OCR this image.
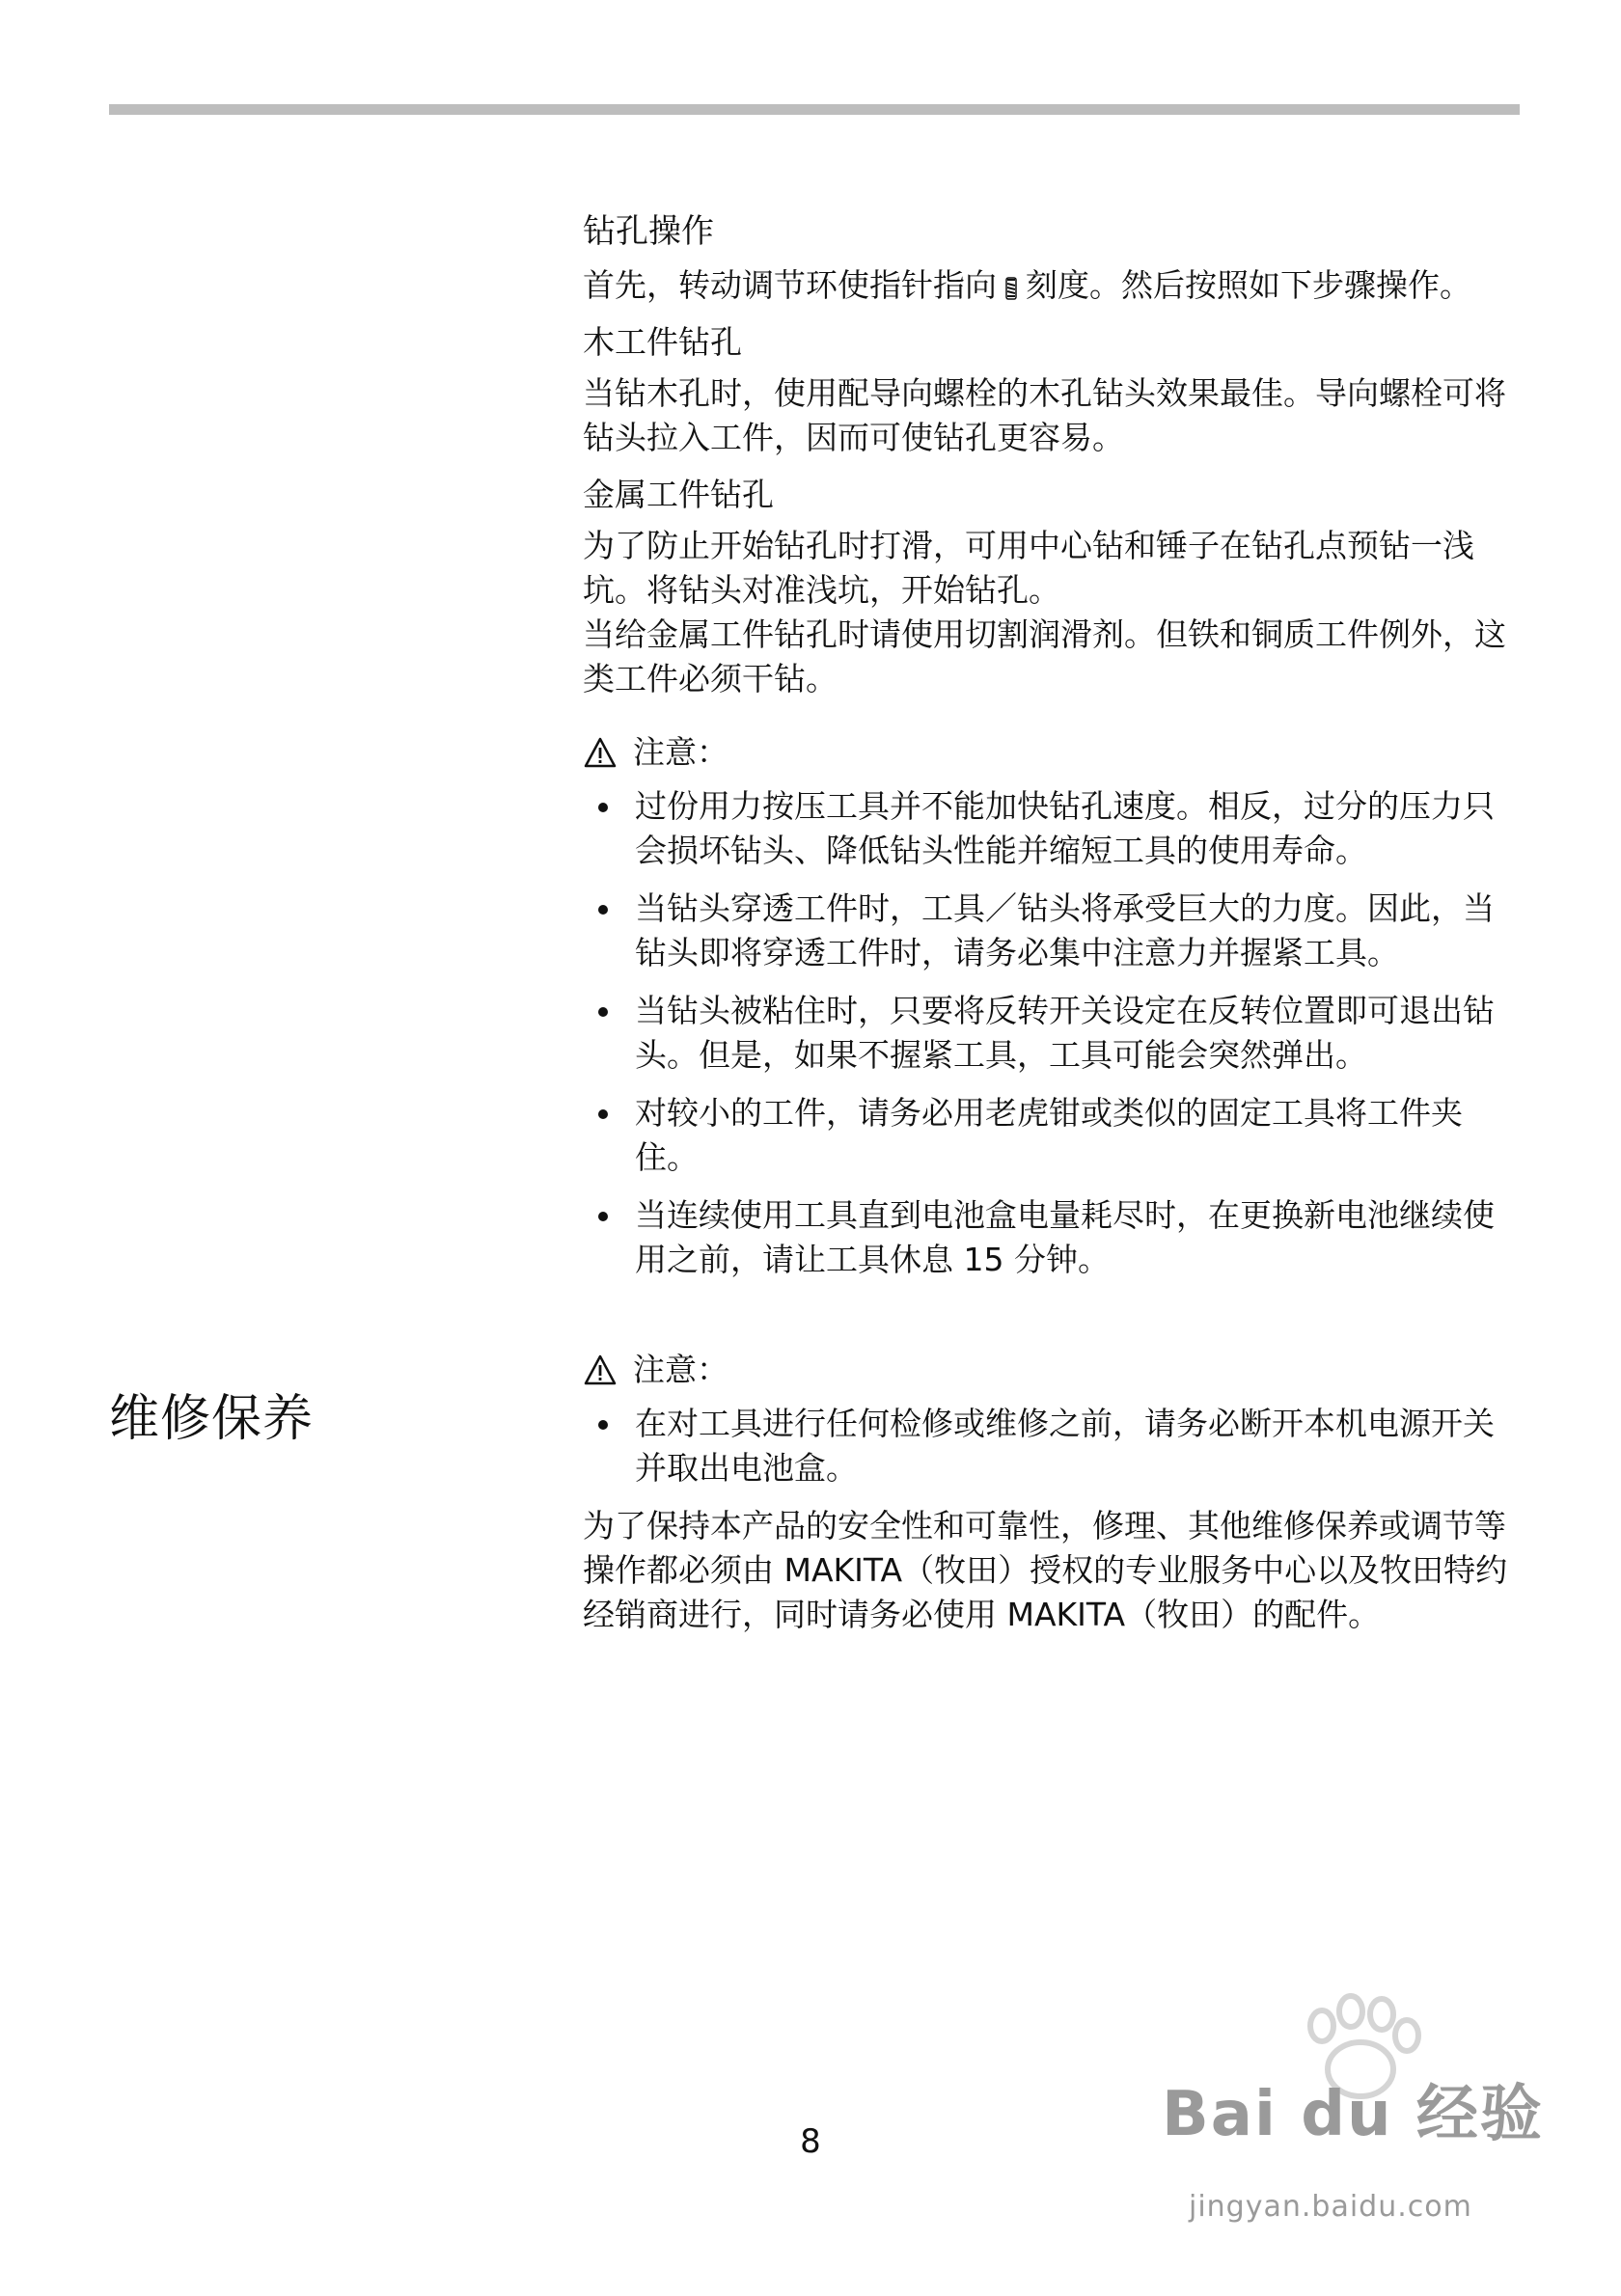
维修保养
钻孔操作

首先，转动调节环使指针指向 刻度。然后按照如下步骤操作。

木工件钻孔

当钻木孔时，使用配导向螺栓的木孔钻头效果最佳。导向螺栓可将钻头拉入工件，因而可使钻孔更容易。

金属工件钻孔

为了防止开始钻孔时打滑，可用中心钻和锤子在钻孔点预钻一浅坑。将钻头对准浅坑，开始钻孔。

当给金属工件钻孔时请使用切割润滑剂。但铁和铜质工件例外，这类工件必须干钻。

注意：
过份用力按压工具并不能加快钻孔速度。相反，过分的压力只会损坏钻头、降低钻头性能并缩短工具的使用寿命。
当钻头穿透工件时，工具／钻头将承受巨大的力度。因此，当钻头即将穿透工件时，请务必集中注意力并握紧工具。
当钻头被粘住时，只要将反转开关设定在反转位置即可退出钻头。但是，如果不握紧工具，工具可能会突然弹出。
对较小的工件，请务必用老虎钳或类似的固定工具将工件夹住。
当连续使用工具直到电池盒电量耗尽时，在更换新电池继续使用之前，请让工具休息 15 分钟。
注意：
在对工具进行任何检修或维修之前，请务必断开本机电源开关并取出电池盒。

为了保持本产品的安全性和可靠性，修理、其他维修保养或调节等操作都必须由 MAKITA（牧田）授权的专业服务中心以及牧田特约经销商进行，同时请务必使用 MAKITA（牧田）的配件。

8	Bai du 经验
jingyan.baidu.com
